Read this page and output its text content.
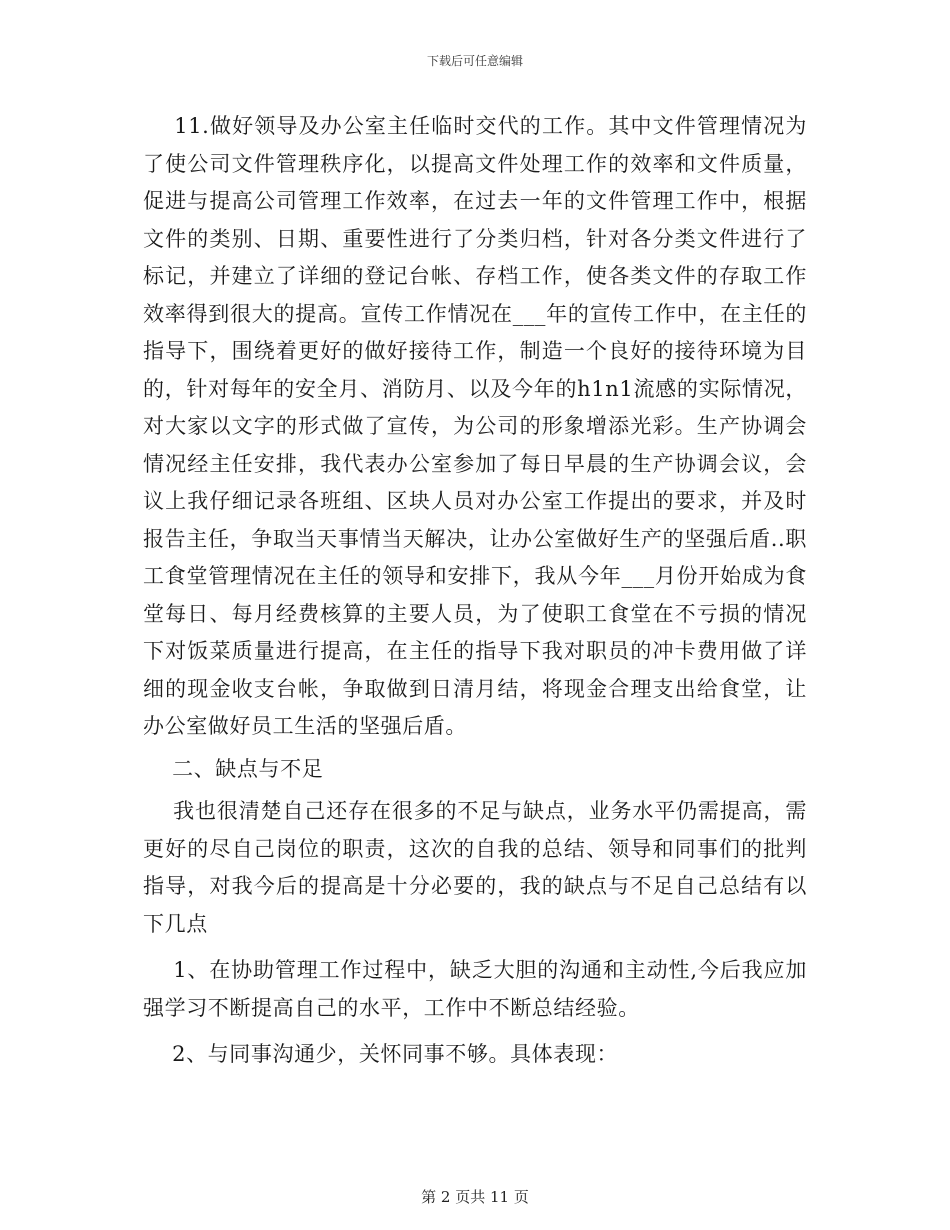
下载后可任意编辑

11.做好领导及办公室主任临时交代的工作。其中文件管理情况为了使公司文件管理秩序化，以提高文件处理工作的效率和文件质量，促进与提高公司管理工作效率，在过去一年的文件管理工作中，根据文件的类别、日期、重要性进行了分类归档，针对各分类文件进行了标记，并建立了详细的登记台帐、存档工作，使各类文件的存取工作效率得到很大的提高。宣传工作情况在___年的宣传工作中，在主任的指导下，围绕着更好的做好接待工作，制造一个良好的接待环境为目的，针对每年的安全月、消防月、以及今年的h1n1流感的实际情况，对大家以文字的形式做了宣传，为公司的形象增添光彩。生产协调会情况经主任安排，我代表办公室参加了每日早晨的生产协调会议，会议上我仔细记录各班组、区块人员对办公室工作提出的要求，并及时报告主任，争取当天事情当天解决，让办公室做好生产的坚强后盾..职工食堂管理情况在主任的领导和安排下，我从今年___月份开始成为食堂每日、每月经费核算的主要人员，为了使职工食堂在不亏损的情况下对饭菜质量进行提高，在主任的指导下我对职员的冲卡费用做了详细的现金收支台帐，争取做到日清月结，将现金合理支出给食堂，让办公室做好员工生活的坚强后盾。

二、缺点与不足

我也很清楚自己还存在很多的不足与缺点，业务水平仍需提高，需更好的尽自己岗位的职责，这次的自我的总结、领导和同事们的批判指导，对我今后的提高是十分必要的，我的缺点与不足自己总结有以下几点

1、在协助管理工作过程中，缺乏大胆的沟通和主动性,今后我应加强学习不断提高自己的水平，工作中不断总结经验。

2、与同事沟通少，关怀同事不够。具体表现：

第 2 页共 11 页
